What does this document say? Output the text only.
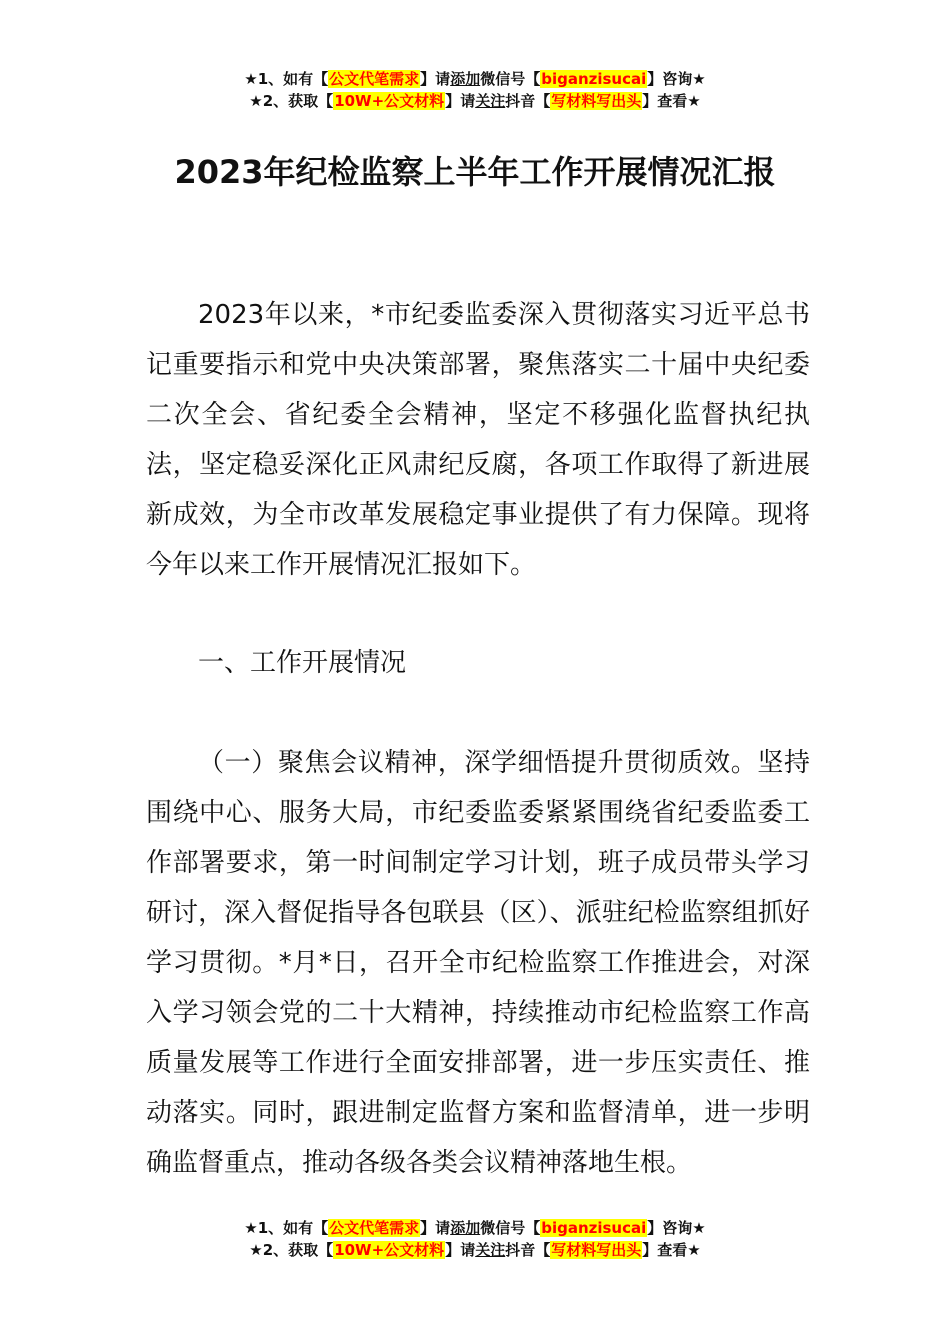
★1、如有【公文代笔需求】请添加微信号【biganzisucai】咨询★
★2、获取【10W+公文材料】请关注抖音【写材料写出头】查看★
2023年纪检监察上半年工作开展情况汇报

2023年以来，*市纪委监委深入贯彻落实习近平总书记重要指示和党中央决策部署，聚焦落实二十届中央纪委二次全会、省纪委全会精神，坚定不移强化监督执纪执法，坚定稳妥深化正风肃纪反腐，各项工作取得了新进展新成效，为全市改革发展稳定事业提供了有力保障。现将今年以来工作开展情况汇报如下。

一、工作开展情况

（一）聚焦会议精神，深学细悟提升贯彻质效。坚持围绕中心、服务大局，市纪委监委紧紧围绕省纪委监委工作部署要求，第一时间制定学习计划，班子成员带头学习研讨，深入督促指导各包联县（区）、派驻纪检监察组抓好学习贯彻。*月*日，召开全市纪检监察工作推进会，对深入学习领会党的二十大精神，持续推动市纪检监察工作高质量发展等工作进行全面安排部署，进一步压实责任、推动落实。同时，跟进制定监督方案和监督清单，进一步明确监督重点，推动各级各类会议精神落地生根。

★1、如有【公文代笔需求】请添加微信号【biganzisucai】咨询★
★2、获取【10W+公文材料】请关注抖音【写材料写出头】查看★
